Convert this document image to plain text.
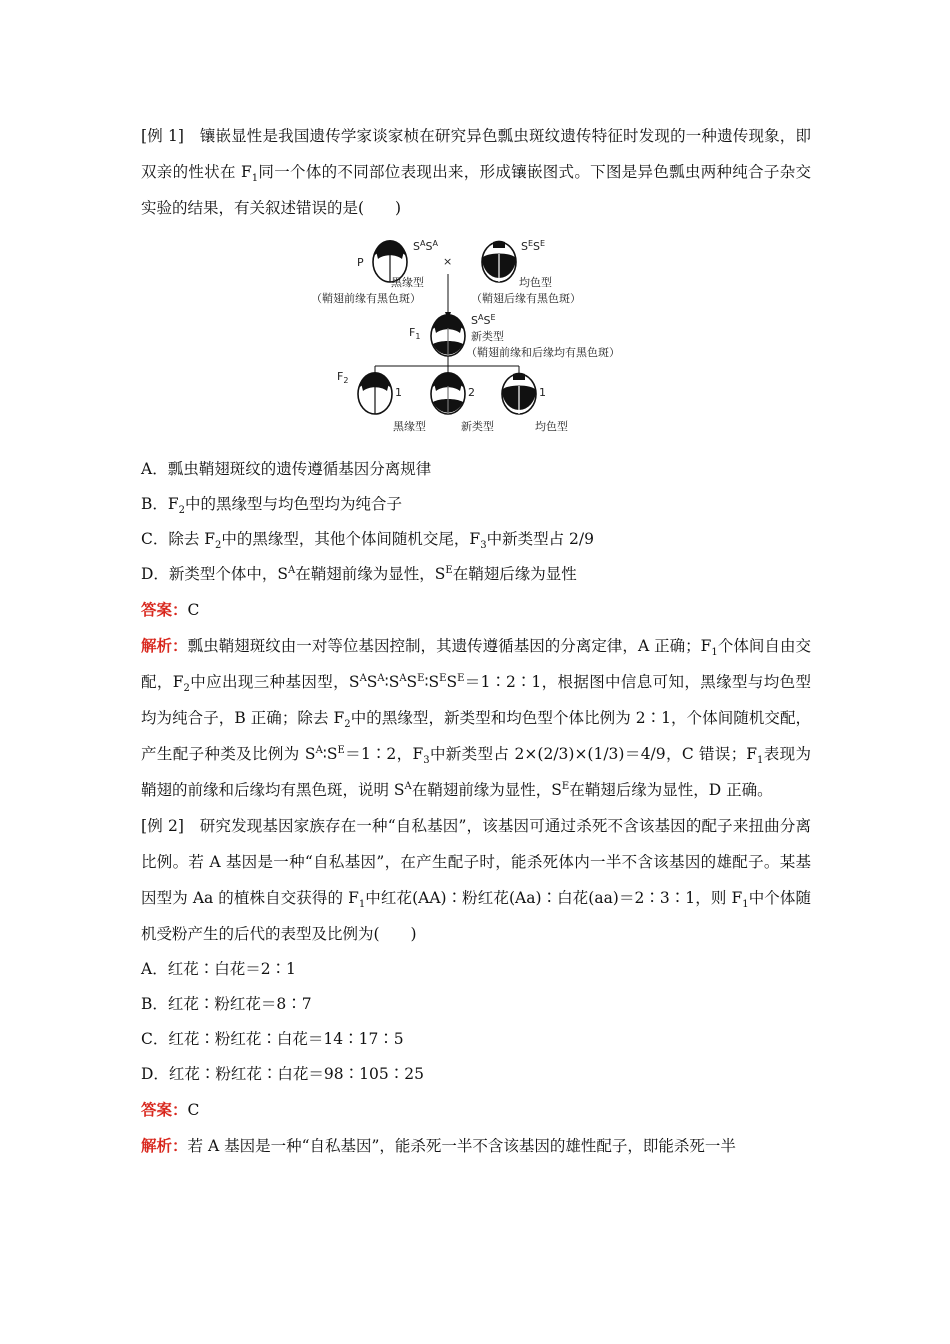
[例 1]　 镶嵌显性是我国遗传学家谈家桢在研究异色瓢虫斑纹遗传特征时发现的一种遗传现象，即双亲的性状在 $F_1$同一个体的不同部位表现出来，形成镶嵌图式。下图是异色瓢虫两种纯合子杂交实验的结果，有关叙述错误的是(　　)

P
$S^AS^A$
×
$S^ES^E$
黑缘型
（鞘翅前缘有黑色斑）
均色型
（鞘翅后缘有黑色斑）
$F_1$
$S^AS^E$
新类型
（鞘翅前缘和后缘均有黑色斑）
$F_2$
1	2	1
黑缘型	新类型	均色型

A．瓢虫鞘翅斑纹的遗传遵循基因分离规律

B．$F_2$中的黑缘型与均色型均为纯合子

C．除去 $F_2$中的黑缘型，其他个体间随机交尾，$F_3$中新类型占 2/9

D．新类型个体中，$S^A$在鞘翅前缘为显性，$S^E$在鞘翅后缘为显性

答案：C

解析：瓢虫鞘翅斑纹由一对等位基因控制，其遗传遵循基因的分离定律，A 正确；$F_1$个体间自由交配，$F_2$中应出现三种基因型，$S^AS^A∶S^AS^E∶S^ES^E=1∶2∶1$，根据图中信息可知，黑缘型与均色型均为纯合子，B 正确；除去 $F_2$中的黑缘型，新类型和均色型个体比例为 2∶1，个体间随机交配，产生配子种类及比例为 $S^A∶S^E=1∶2$，$F_3$中新类型占 2×(2/3)×(1/3)＝4/9，C 错误；$F_1$表现为鞘翅的前缘和后缘均有黑色斑，说明 $S^A$在鞘翅前缘为显性，$S^E$在鞘翅后缘为显性，D 正确。

[例 2]　 研究发现基因家族存在一种“自私基因”，该基因可通过杀死不含该基因的配子来扭曲分离比例。若 A 基因是一种“自私基因”，在产生配子时，能杀死体内一半不含该基因的雄配子。某基因型为 Aa 的植株自交获得的 $F_1$中红花(AA)∶粉红花(Aa)∶白花(aa)＝2∶3∶1，则 $F_1$中个体随机受粉产生的后代的表型及比例为(　　)

A．红花∶白花＝2∶1

B．红花∶粉红花＝8∶7

C．红花∶粉红花∶白花＝14∶17∶5

D．红花∶粉红花∶白花＝98∶105∶25

答案：C

解析：若 A 基因是一种“自私基因”，能杀死一半不含该基因的雄性配子，即能杀死一半
